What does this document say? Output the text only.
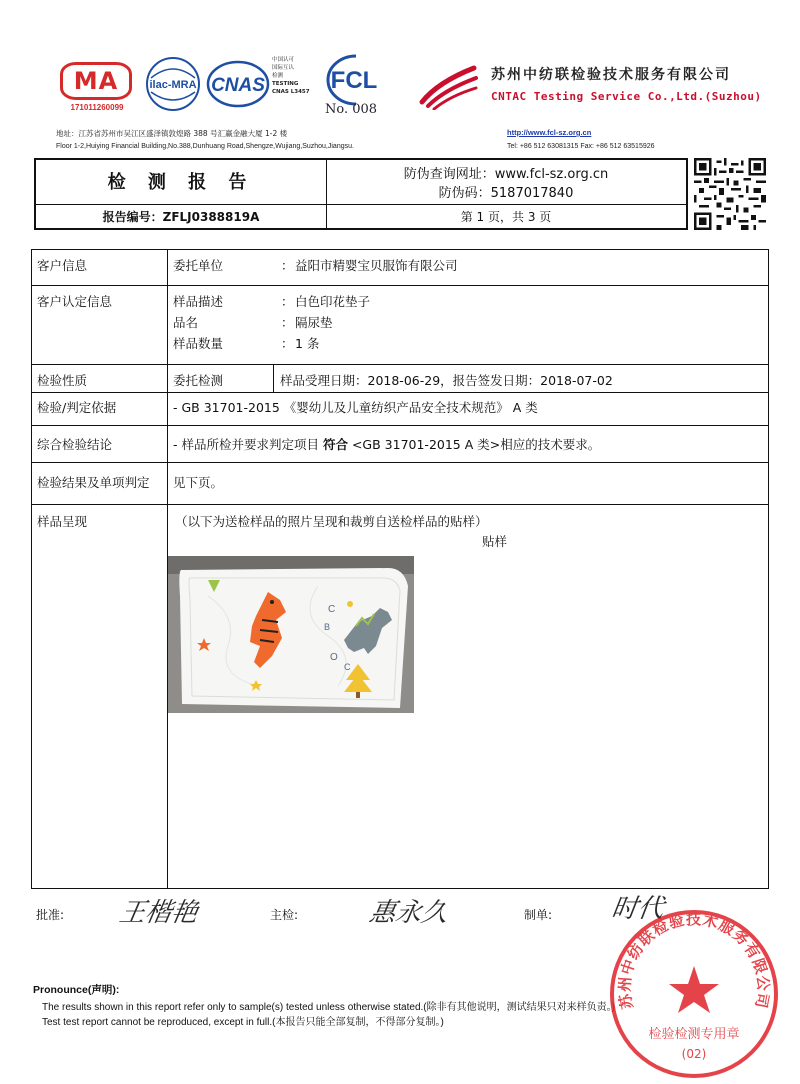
MA
171011260099
ilac-MRA CNAS
中国认可
国际互认
检测
TESTING
CNAS L3457 FCL
No. 008
苏州中纺联检验技术服务有限公司
CNTAC Testing Service Co.,Ltd.(Suzhou)
地址：江苏省苏州市吴江区盛泽镇敦煌路 388 号汇赢金融大厦 1-2 楼
Floor 1-2,Huiying Financial Building,No.388,Dunhuang Road,Shengze,Wujiang,Suzhou,Jiangsu.
http://www.fcl-sz.org.cn
Tel: +86 512 63081315 Fax: +86 512 63515926
检 测 报 告
报告编号：ZFLJ0388819A
防伪查询网址：www.fcl-sz.org.cn
防伪码：5187017840
第 1 页，共 3 页
客户信息	委托单位	： 益阳市精婴宝贝服饰有限公司
客户认定信息	样品描述	： 白色印花垫子
品名	： 隔尿垫
样品数量	： 1 条
检验性质	委托检测	样品受理日期：2018-06-29，报告签发日期：2018-07-02
检验/判定依据	- GB 31701-2015 《婴幼儿及儿童纺织产品安全技术规范》 A 类
综合检验结论	- 样品所检并要求判定项目 符合 <GB 31701-2015 A 类>相应的技术要求。
检验结果及单项判定 见下页。
样品呈现	（以下为送检样品的照片呈现和裁剪自送检样品的贴样）
贴样
C
B
O
C
批准: 王楷艳	主检:	惠永久	制单: 时代
Pronounce(声明):
The results shown in this report refer only to sample(s) tested unless otherwise stated.(除非有其他说明，测试结果只对来样负责。)
Test test report cannot be reproduced, except in full.(本报告只能全部复制，不得部分复制。)
苏州中纺联检验技术服务有限公司
检验检测专用章
(02)
